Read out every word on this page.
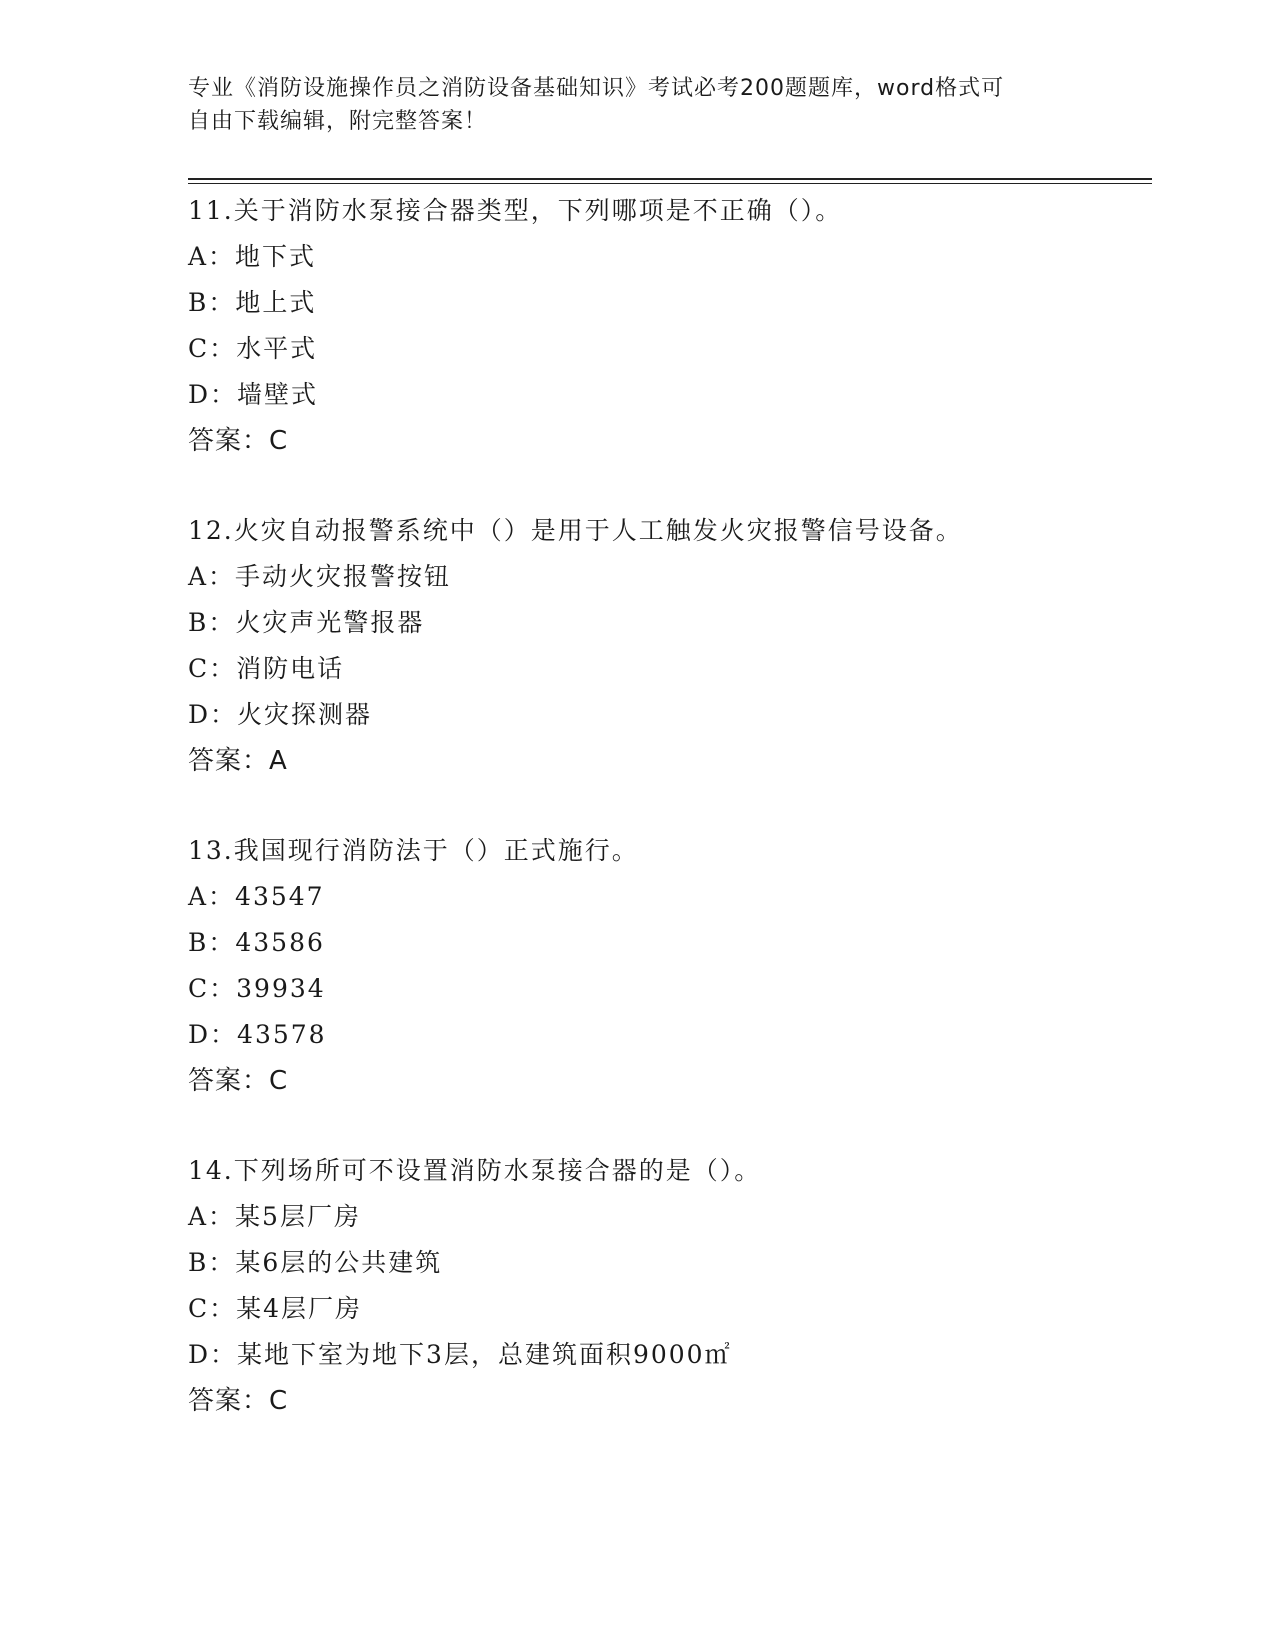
专业《消防设施操作员之消防设备基础知识》考试必考200题题库，word格式可
自由下载编辑，附完整答案！
11.关于消防水泵接合器类型，下列哪项是不正确（）。
A：地下式
B：地上式
C：水平式
D：墙壁式
答案：C
12.火灾自动报警系统中（）是用于人工触发火灾报警信号设备。
A：手动火灾报警按钮
B：火灾声光警报器
C：消防电话
D：火灾探测器
答案：A
13.我国现行消防法于（）正式施行。
A：43547
B：43586
C：39934
D：43578
答案：C
14.下列场所可不设置消防水泵接合器的是（）。
A：某5层厂房
B：某6层的公共建筑
C：某4层厂房
D：某地下室为地下3层，总建筑面积9000㎡
答案：C
